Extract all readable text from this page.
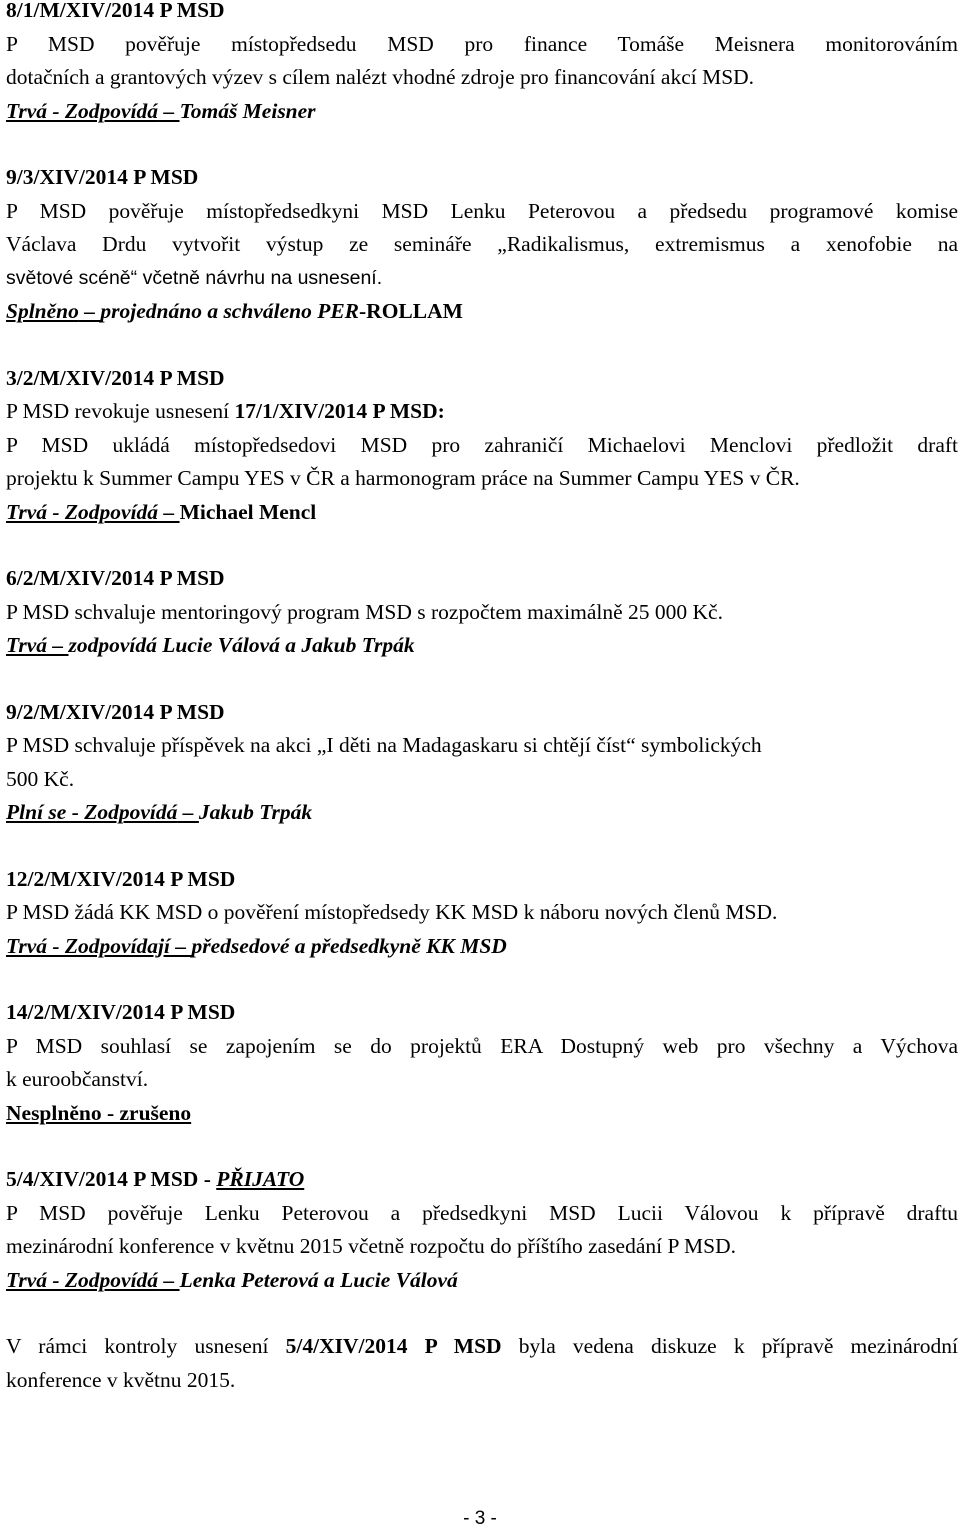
8/1/M/XIV/2014 P MSD
P MSD pověřuje místopředsedu MSD pro finance Tomáše Meisnera monitorováním
dotačních a grantových výzev s cílem nalézt vhodné zdroje pro financování akcí MSD.
Trvá - Zodpovídá – Tomáš Meisner
9/3/XIV/2014 P MSD
P MSD pověřuje místopředsedkyni MSD Lenku Peterovou a předsedu programové komise
Václava Drdu vytvořit výstup ze semináře „Radikalismus, extremismus a xenofobie na
světové scéně“ včetně návrhu na usnesení.
Splněno – projednáno a schváleno PER-ROLLAM
3/2/M/XIV/2014 P MSD
P MSD revokuje usnesení 17/1/XIV/2014 P MSD:
P MSD ukládá místopředsedovi MSD pro zahraničí Michaelovi Menclovi předložit draft
projektu k Summer Campu YES v ČR a harmonogram práce na Summer Campu YES v ČR.
Trvá - Zodpovídá – Michael Mencl
6/2/M/XIV/2014 P MSD
P MSD schvaluje mentoringový program MSD s rozpočtem maximálně 25 000 Kč.
Trvá – zodpovídá Lucie Válová a Jakub Trpák
9/2/M/XIV/2014 P MSD
P MSD schvaluje příspěvek na akci „I děti na Madagaskaru si chtějí číst“ symbolických
500 Kč.
Plní se - Zodpovídá – Jakub Trpák
12/2/M/XIV/2014 P MSD
P MSD žádá KK MSD o pověření místopředsedy KK MSD k náboru nových členů MSD.
Trvá - Zodpovídají – předsedové a předsedkyně KK MSD
14/2/M/XIV/2014 P MSD
P MSD souhlasí se zapojením se do projektů ERA Dostupný web pro všechny a Výchova
k euroobčanství.
Nesplněno - zrušeno
5/4/XIV/2014 P MSD - PŘIJATO
P MSD pověřuje Lenku Peterovou a předsedkyni MSD Lucii Válovou k přípravě draftu
mezinárodní konference v květnu 2015 včetně rozpočtu do příštího zasedání P MSD.
Trvá - Zodpovídá – Lenka Peterová a Lucie Válová
V rámci kontroly usnesení 5/4/XIV/2014 P MSD byla vedena diskuze k přípravě mezinárodní
konference v květnu 2015.
- 3 -
